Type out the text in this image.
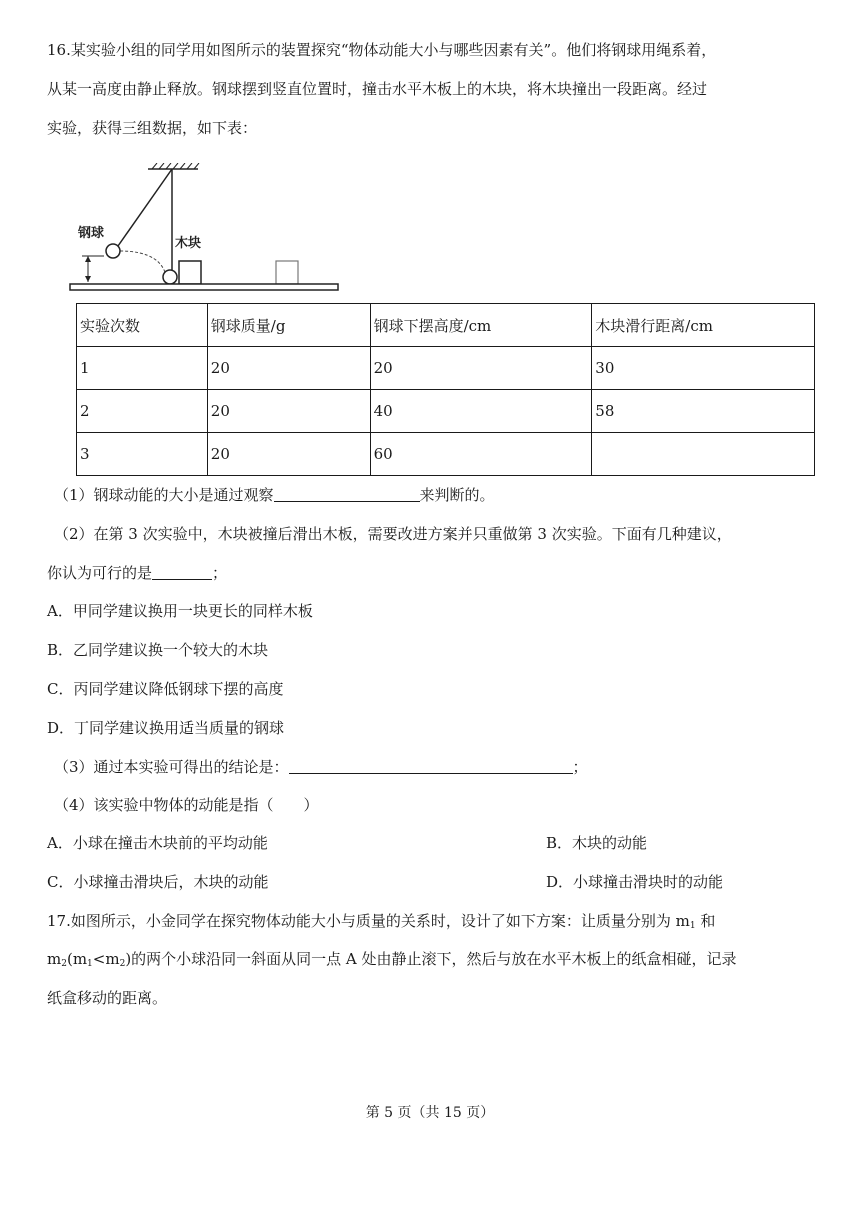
16.某实验小组的同学用如图所示的装置探究“物体动能大小与哪些因素有关”。他们将钢球用绳系着，
从某一高度由静止释放。钢球摆到竖直位置时，撞击水平木板上的木块，将木块撞出一段距离。经过
实验，获得三组数据，如下表：
钢球
木块
实验次数	钢球质量/g	钢球下摆高度/cm	木块滑行距离/cm
1	20	20	30
2	20	40	58
3	20	60	
（1）钢球动能的大小是通过观察	来判断的。
（2）在第 3 次实验中，木块被撞后滑出木板，需要改进方案并只重做第 3 次实验。下面有几种建议，
你认为可行的是	；
A．甲同学建议换用一块更长的同样木板
B．乙同学建议换一个较大的木块
C．丙同学建议降低钢球下摆的高度
D．丁同学建议换用适当质量的钢球
（3）通过本实验可得出的结论是：	；
（4）该实验中物体的动能是指（　　）
A．小球在撞击木块前的平均动能	B．木块的动能
C．小球撞击滑块后，木块的动能	D．小球撞击滑块时的动能
17.如图所示，小金同学在探究物体动能大小与质量的关系时，设计了如下方案：让质量分别为 $m_1$ 和
$m_2(m_1<m_2)$的两个小球沿同一斜面从同一点 A 处由静止滚下，然后与放在水平木板上的纸盒相碰，记录
纸盒移动的距离。
第 5 页（共 15 页）
